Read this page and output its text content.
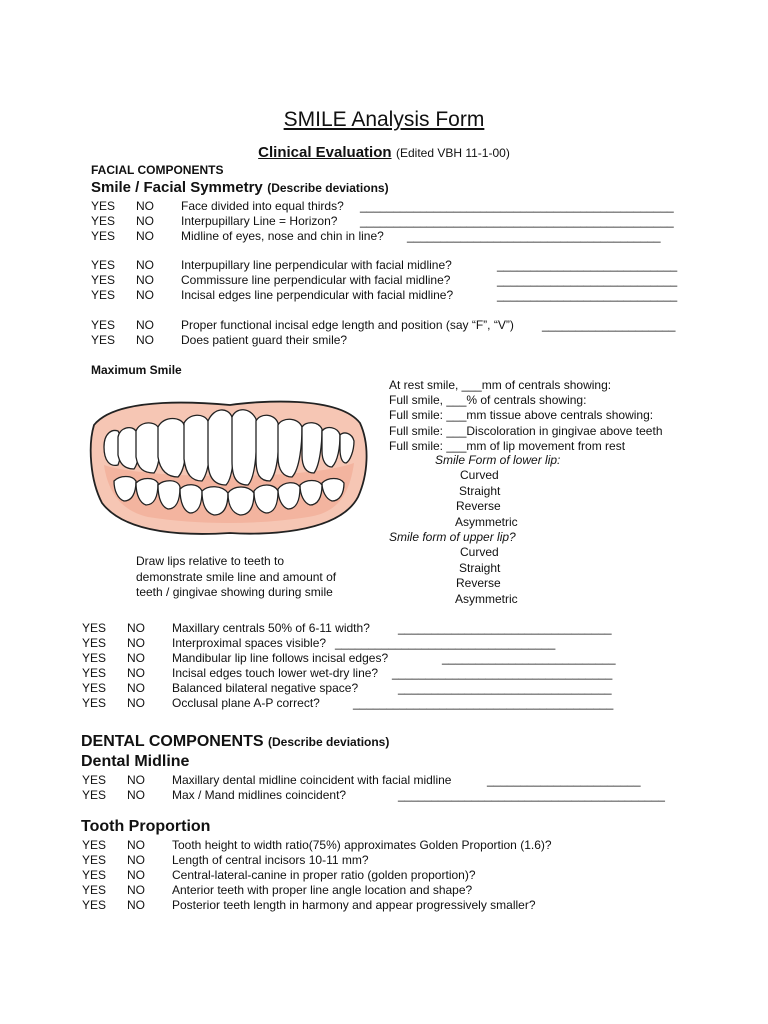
SMILE Analysis Form
Clinical Evaluation (Edited VBH 11-1-00)
FACIAL COMPONENTS
Smile / Facial Symmetry (Describe deviations)
YES NO Face divided into equal thirds? _______________________________________________
YES NO Interpupillary Line = Horizon? _______________________________________________
YES NO Midline of eyes, nose and chin in line? ______________________________________
YES NO Interpupillary line perpendicular with facial midline?	___________________________
YES NO Commissure line perpendicular with facial midline?	___________________________
YES NO Incisal edges line perpendicular with facial midline?	___________________________
YES NO Proper functional incisal edge length and position (say “F”, “V”) ____________________
YES NO Does patient guard their smile?
Maximum Smile
Draw lips relative to teeth to
demonstrate smile line and amount of
teeth / gingivae showing during smile
At rest smile, ___mm of centrals showing:
Full smile, ___% of centrals showing:
Full smile: ___mm tissue above centrals showing:
Full smile: ___Discoloration in gingivae above teeth
Full smile: ___mm of lip movement from rest
Smile Form of lower lip:
Curved
Straight
Reverse
Asymmetric
Smile form of upper lip?
Curved
Straight
Reverse
Asymmetric
YES NO Maxillary centrals 50% of 6-11 width? ________________________________
YES NO Interproximal spaces visible? _________________________________
YES NO Mandibular lip line follows incisal edges?	__________________________
YES NO Incisal edges touch lower wet-dry line? _________________________________
YES NO Balanced bilateral negative space?	________________________________
YES NO Occlusal plane A-P correct?	_______________________________________
DENTAL COMPONENTS (Describe deviations)
Dental Midline
YES NO Maxillary dental midline coincident with facial midline	_______________________
YES NO Max / Mand midlines coincident?	________________________________________
Tooth Proportion
YES NO Tooth height to width ratio(75%) approximates Golden Proportion (1.6)?
YES NO Length of central incisors 10-11 mm?
YES NO Central-lateral-canine in proper ratio (golden proportion)?
YES NO Anterior teeth with proper line angle location and shape?
YES NO Posterior teeth length in harmony and appear progressively smaller?
